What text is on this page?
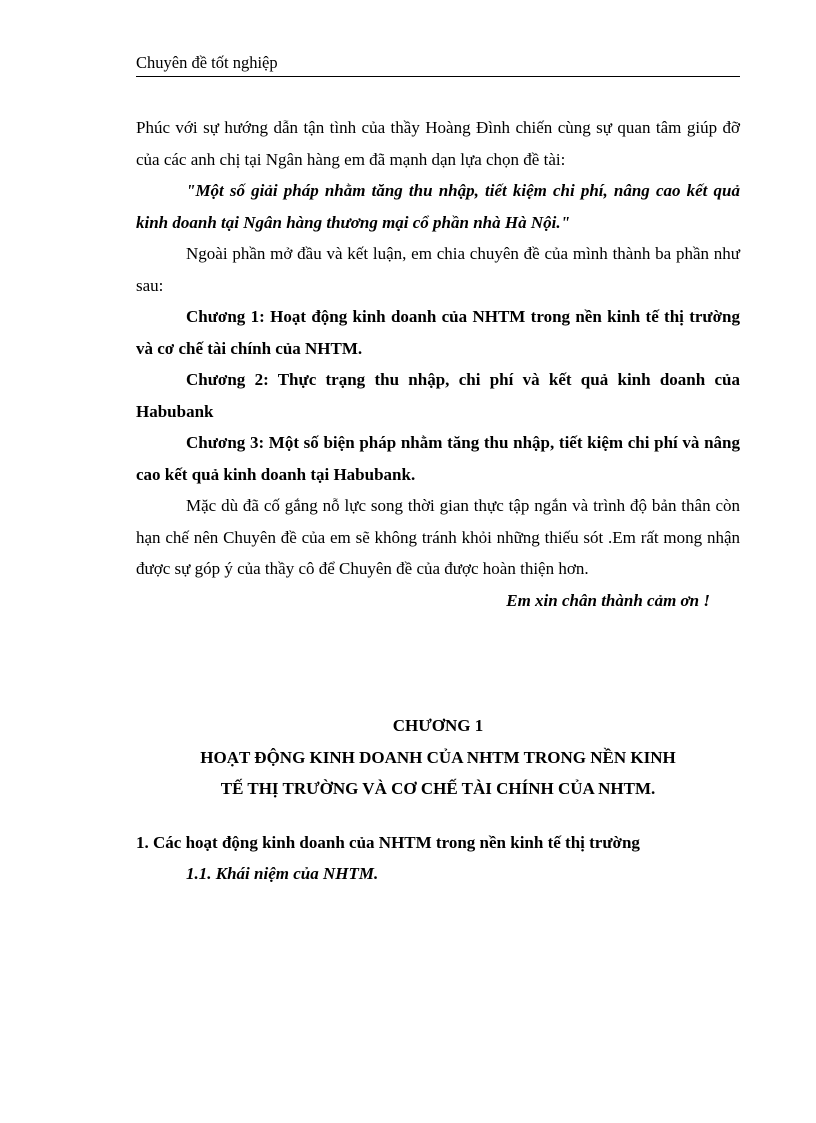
Chuyên đề tốt nghiệp

Phúc với sự hướng dẫn tận tình của thầy Hoàng Đình chiến cùng sự quan tâm giúp đỡ của các anh chị tại Ngân hàng em đã mạnh dạn lựa chọn đề tài:

"Một số giải pháp nhằm tăng thu nhập, tiết kiệm chi phí, nâng cao kết quả kinh doanh tại Ngân hàng thương mại cổ phần nhà Hà Nội."

Ngoài phần mở đầu và kết luận, em chia chuyên đề của mình thành ba phần như sau:

Chương 1: Hoạt động kinh doanh của NHTM trong nền kinh tế thị trường và cơ chế tài chính của NHTM.

Chương 2: Thực trạng thu nhập, chi phí và kết quả kinh doanh của Habubank

Chương 3: Một số biện pháp nhằm tăng thu nhập, tiết kiệm chi phí và nâng cao kết quả kinh doanh tại Habubank.

Mặc dù đã cố gắng nỗ lực song thời gian thực tập ngắn và trình độ bản thân còn hạn chế nên Chuyên đề của em sẽ không tránh khỏi những thiếu sót .Em rất mong nhận được sự góp ý của thầy cô để Chuyên đề của được hoàn thiện hơn.

Em xin chân thành cảm ơn !

CHƯƠNG 1

HOẠT ĐỘNG KINH DOANH CỦA NHTM TRONG NỀN KINH

TẾ THỊ TRƯỜNG VÀ CƠ CHẾ TÀI CHÍNH CỦA NHTM.

1. Các hoạt động kinh doanh của NHTM trong nền kinh tế thị trường

1.1. Khái niệm của NHTM.
